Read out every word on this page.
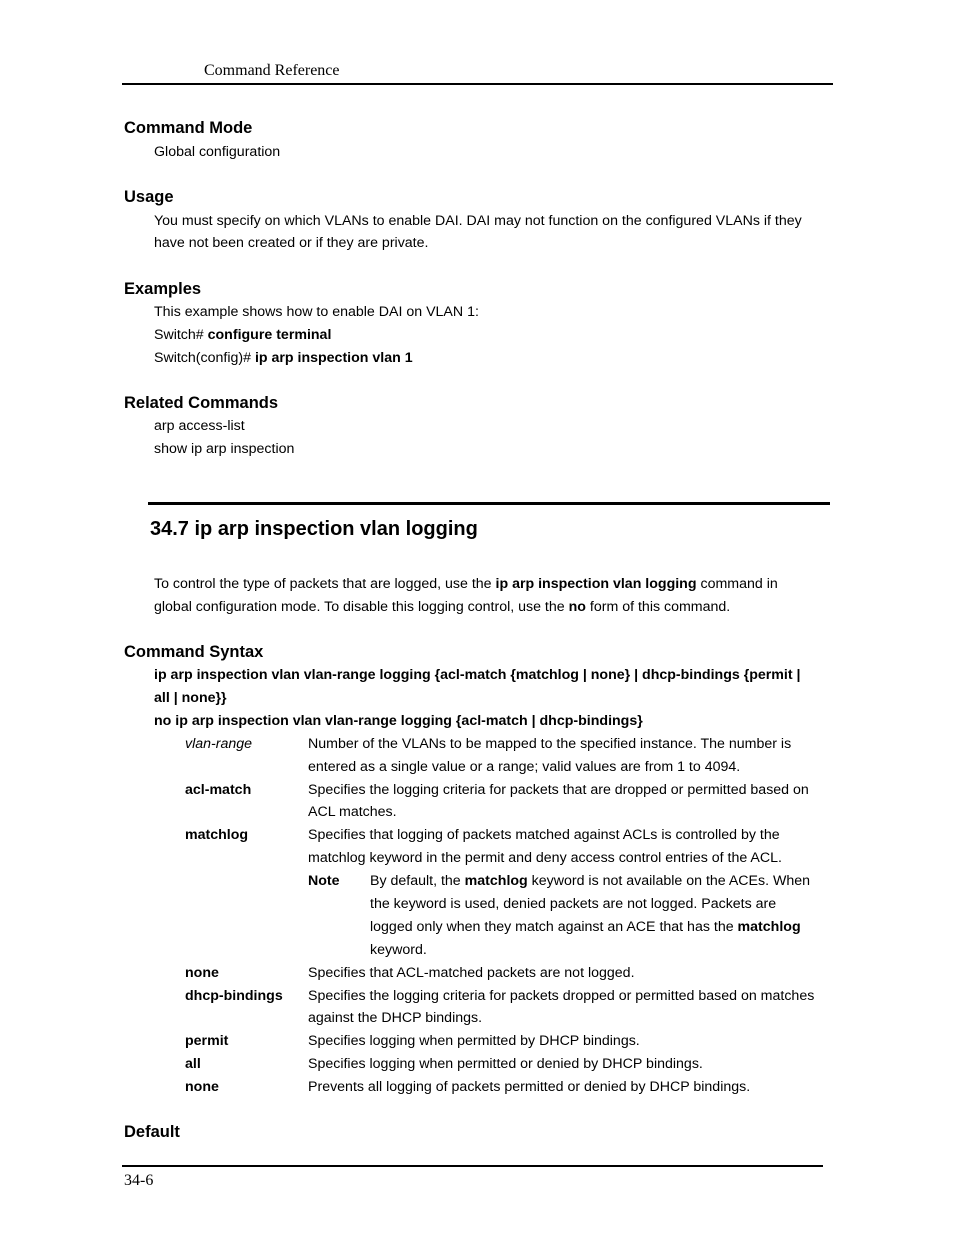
Command Reference
Command Mode
Global configuration
Usage
You must specify on which VLANs to enable DAI. DAI may not function on the configured VLANs if they
have not been created or if they are private.
Examples
This example shows how to enable DAI on VLAN 1:
Switch# configure terminal
Switch(config)# ip arp inspection vlan 1
Related Commands
arp access-list
show ip arp inspection
34.7 ip arp inspection vlan logging
To control the type of packets that are logged, use the ip arp inspection vlan logging command in
global configuration mode. To disable this logging control, use the no form of this command.
Command Syntax
ip arp inspection vlan vlan-range logging {acl-match {matchlog | none} | dhcp-bindings {permit |
all | none}}
no ip arp inspection vlan vlan-range logging {acl-match | dhcp-bindings}
vlan-range	Number of the VLANs to be mapped to the specified instance. The number is
entered as a single value or a range; valid values are from 1 to 4094.
acl-match	Specifies the logging criteria for packets that are dropped or permitted based on
ACL matches.
matchlog	Specifies that logging of packets matched against ACLs is controlled by the
matchlog keyword in the permit and deny access control entries of the ACL.
Note By default, the matchlog keyword is not available on the ACEs. When
the keyword is used, denied packets are not logged. Packets are
logged only when they match against an ACE that has the matchlog
keyword.
none	Specifies that ACL-matched packets are not logged.
dhcp-bindings Specifies the logging criteria for packets dropped or permitted based on matches
against the DHCP bindings.
permit	Specifies logging when permitted by DHCP bindings.
all	Specifies logging when permitted or denied by DHCP bindings.
none	Prevents all logging of packets permitted or denied by DHCP bindings.
Default
34-6
